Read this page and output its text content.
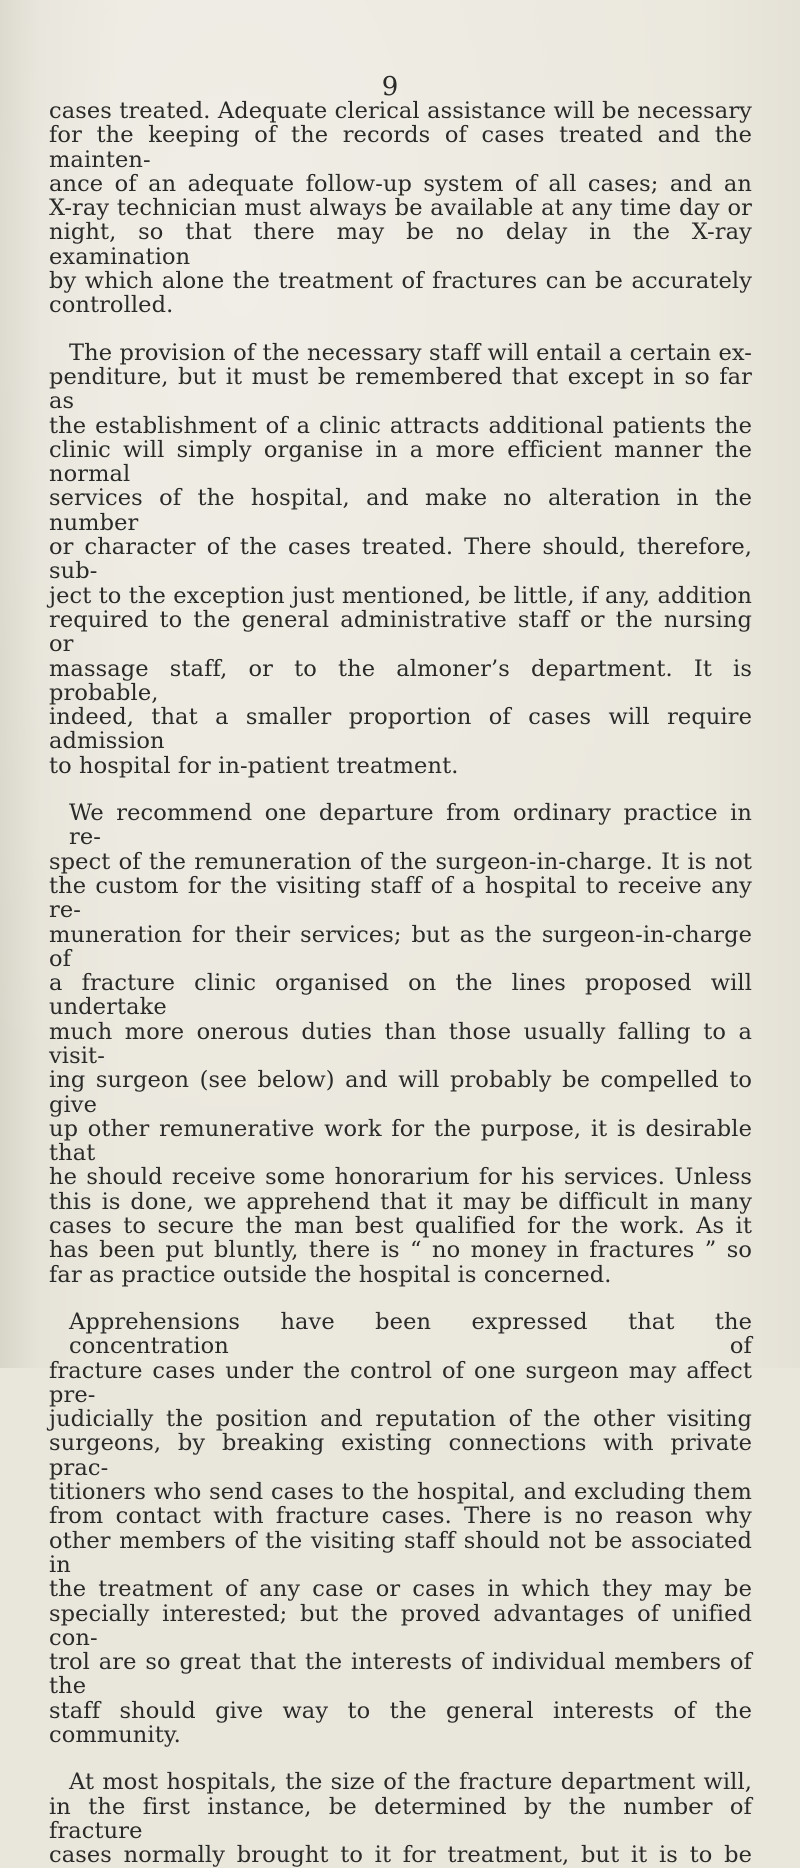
9

cases treated. Adequate clerical assistance will be necessary

for the keeping of the records of cases treated and the mainten-

ance of an adequate follow-up system of all cases; and an

X-ray technician must always be available at any time day or

night, so that there may be no delay in the X-ray examination

by which alone the treatment of fractures can be accurately

controlled.

The provision of the necessary staff will entail a certain ex-

penditure, but it must be remembered that except in so far as

the establishment of a clinic attracts additional patients the

clinic will simply organise in a more efficient manner the normal

services of the hospital, and make no alteration in the number

or character of the cases treated. There should, therefore, sub-

ject to the exception just mentioned, be little, if any, addition

required to the general administrative staff or the nursing or

massage staff, or to the almoner’s department. It is probable,

indeed, that a smaller proportion of cases will require admission

to hospital for in-patient treatment.

We recommend one departure from ordinary practice in re-

spect of the remuneration of the surgeon-in-charge. It is not

the custom for the visiting staff of a hospital to receive any re-

muneration for their services; but as the surgeon-in-charge of

a fracture clinic organised on the lines proposed will undertake

much more onerous duties than those usually falling to a visit-

ing surgeon (see below) and will probably be compelled to give

up other remunerative work for the purpose, it is desirable that

he should receive some honorarium for his services. Unless

this is done, we apprehend that it may be difficult in many

cases to secure the man best qualified for the work. As it

has been put bluntly, there is “ no money in fractures ” so

far as practice outside the hospital is concerned.

Apprehensions have been expressed that the concentration of

fracture cases under the control of one surgeon may affect pre-

judicially the position and reputation of the other visiting

surgeons, by breaking existing connections with private prac-

titioners who send cases to the hospital, and excluding them

from contact with fracture cases. There is no reason why

other members of the visiting staff should not be associated in

the treatment of any case or cases in which they may be

specially interested; but the proved advantages of unified con-

trol are so great that the interests of individual members of the

staff should give way to the general interests of the community.

At most hospitals, the size of the fracture department will,

in the first instance, be determined by the number of fracture

cases normally brought to it for treatment, but it is to be
